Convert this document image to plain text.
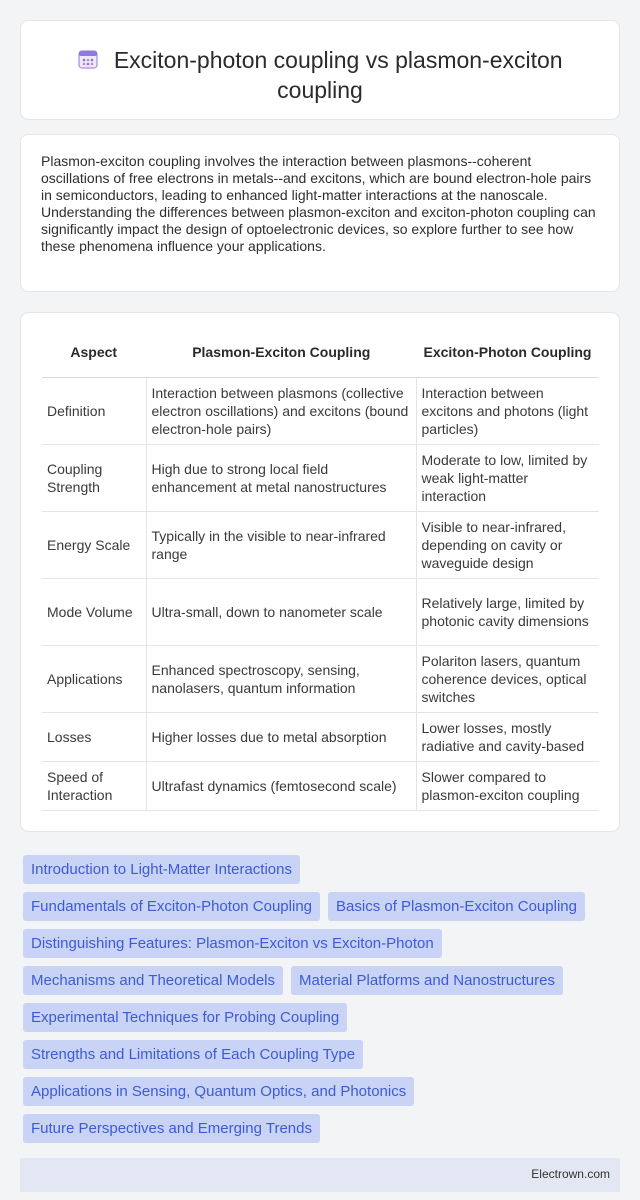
Exciton-photon coupling vs plasmon-exciton coupling

Plasmon-exciton coupling involves the interaction between plasmons--coherent oscillations of free electrons in metals--and excitons, which are bound electron-hole pairs in semiconductors, leading to enhanced light-matter interactions at the nanoscale. Understanding the differences between plasmon-exciton and exciton-photon coupling can significantly impact the design of optoelectronic devices, so explore further to see how these phenomena influence your applications.

Aspect	Plasmon-Exciton Coupling	Exciton-Photon Coupling
Definition	Interaction between plasmons (collective electron oscillations) and excitons (bound electron-hole pairs)	Interaction between excitons and photons (light particles)
Coupling Strength	High due to strong local field enhancement at metal nanostructures	Moderate to low, limited by weak light-matter interaction
Energy Scale	Typically in the visible to near-infrared range	Visible to near-infrared, depending on cavity or waveguide design
Mode Volume	Ultra-small, down to nanometer scale	Relatively large, limited by photonic cavity dimensions
Applications	Enhanced spectroscopy, sensing, nanolasers, quantum information	Polariton lasers, quantum coherence devices, optical switches
Losses	Higher losses due to metal absorption	Lower losses, mostly radiative and cavity-based
Speed of Interaction	Ultrafast dynamics (femtosecond scale)	Slower compared to plasmon-exciton coupling
Introduction to Light-Matter Interactions
Fundamentals of Exciton-Photon Coupling	Basics of Plasmon-Exciton Coupling
Distinguishing Features: Plasmon-Exciton vs Exciton-Photon
Mechanisms and Theoretical Models	Material Platforms and Nanostructures
Experimental Techniques for Probing Coupling
Strengths and Limitations of Each Coupling Type
Applications in Sensing, Quantum Optics, and Photonics
Future Perspectives and Emerging Trends
Electrown.com
